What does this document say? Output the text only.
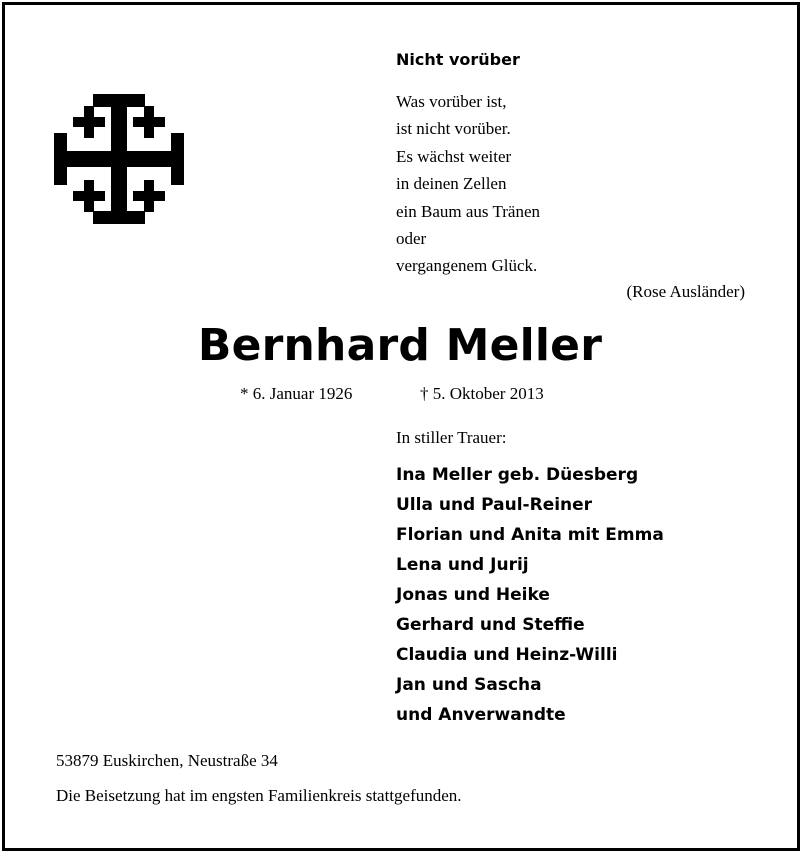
Nicht vorüber
Was vorüber ist,
ist nicht vorüber.
Es wächst weiter
in deinen Zellen
ein Baum aus Tränen
oder
vergangenem Glück.
(Rose Ausländer)
Bernhard Meller
* 6. Januar 1926	† 5. Oktober 2013
In stiller Trauer:
Ina Meller geb. Düesberg
Ulla und Paul-Reiner
Florian und Anita mit Emma
Lena und Jurij
Jonas und Heike
Gerhard und Steffie
Claudia und Heinz-Willi
Jan und Sascha
und Anverwandte
53879 Euskirchen, Neustraße 34
Die Beisetzung hat im engsten Familienkreis stattgefunden.
